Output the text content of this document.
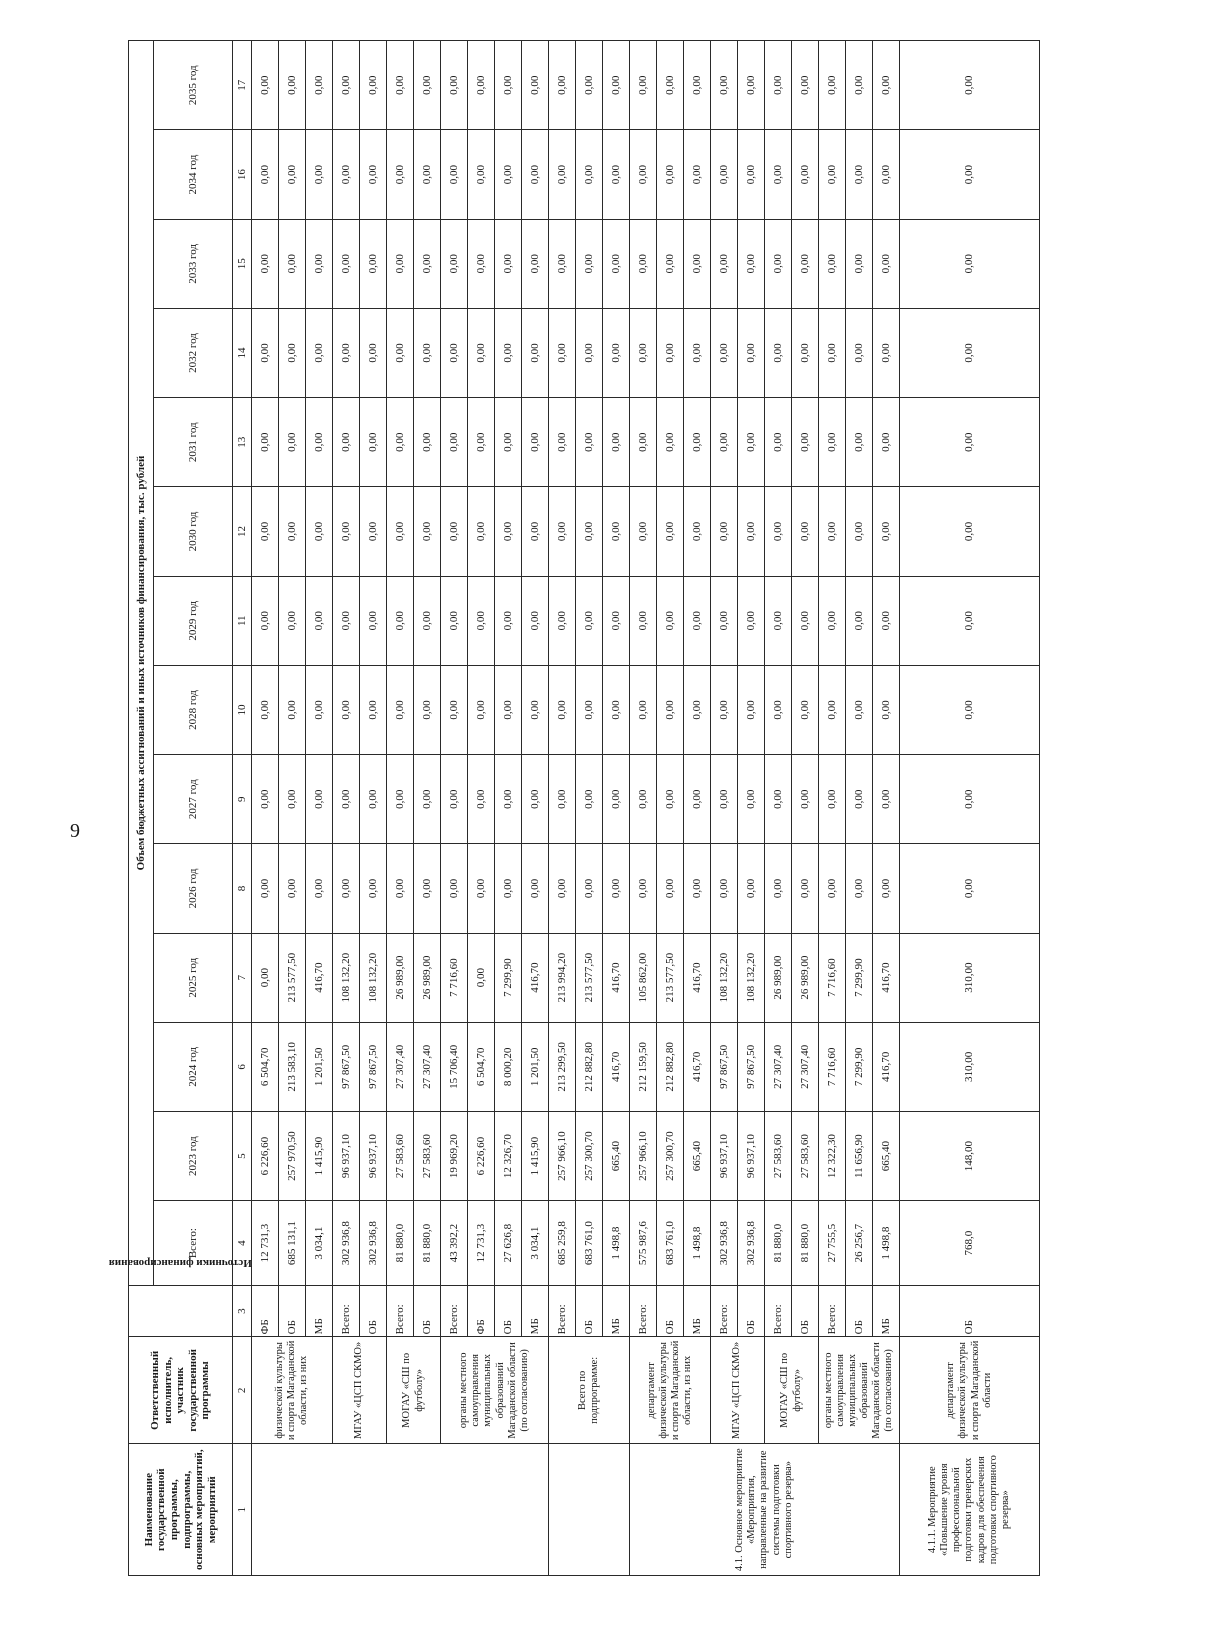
9
Наименование государственной программы, подпрограммы, основных мероприятий, мероприятий	Ответственный исполнитель, участник государственной программы	Источники финансирования	Объем бюджетных ассигнований и иных источников финансирования, тыс. рублей													
			Всего:	2023 год	2024 год	2025 год	2026 год	2027 год	2028 год	2029 год	2030 год	2031 год	2032 год	2033 год	2034 год	2035 год
1	2	3	4	5	6	7	8	9	10	11	12	13	14	15	16	17
	физической культуры и спорта Магаданской области, из них	ФБ	12 731,3	6 226,60	6 504,70	0,00	0,00	0,00	0,00	0,00	0,00	0,00	0,00	0,00	0,00	0,00
		ОБ	685 131,1	257 970,50	213 583,10	213 577,50	0,00	0,00	0,00	0,00	0,00	0,00	0,00	0,00	0,00	0,00
		МБ	3 034,1	1 415,90	1 201,50	416,70	0,00	0,00	0,00	0,00	0,00	0,00	0,00	0,00	0,00	0,00
	МГАУ «ЦСП СКМО»	Всего:	302 936,8	96 937,10	97 867,50	108 132,20	0,00	0,00	0,00	0,00	0,00	0,00	0,00	0,00	0,00	0,00
		ОБ	302 936,8	96 937,10	97 867,50	108 132,20	0,00	0,00	0,00	0,00	0,00	0,00	0,00	0,00	0,00	0,00
	МОГАУ «СШ по футболу»	Всего:	81 880,0	27 583,60	27 307,40	26 989,00	0,00	0,00	0,00	0,00	0,00	0,00	0,00	0,00	0,00	0,00
		ОБ	81 880,0	27 583,60	27 307,40	26 989,00	0,00	0,00	0,00	0,00	0,00	0,00	0,00	0,00	0,00	0,00
	органы местного самоуправления муниципальных образований Магаданской области (по согласованию)	Всего:	43 392,2	19 969,20	15 706,40	7 716,60	0,00	0,00	0,00	0,00	0,00	0,00	0,00	0,00	0,00	0,00
		ФБ	12 731,3	6 226,60	6 504,70	0,00	0,00	0,00	0,00	0,00	0,00	0,00	0,00	0,00	0,00	0,00
		ОБ	27 626,8	12 326,70	8 000,20	7 299,90	0,00	0,00	0,00	0,00	0,00	0,00	0,00	0,00	0,00	0,00
		МБ	3 034,1	1 415,90	1 201,50	416,70	0,00	0,00	0,00	0,00	0,00	0,00	0,00	0,00	0,00	0,00
	Всего по подпрограмме:	Всего:	685 259,8	257 966,10	213 299,50	213 994,20	0,00	0,00	0,00	0,00	0,00	0,00	0,00	0,00	0,00	0,00
		ОБ	683 761,0	257 300,70	212 882,80	213 577,50	0,00	0,00	0,00	0,00	0,00	0,00	0,00	0,00	0,00	0,00
		МБ	1 498,8	665,40	416,70	416,70	0,00	0,00	0,00	0,00	0,00	0,00	0,00	0,00	0,00	0,00
4.1. Основное мероприятие «Мероприятия, направленные на развитие системы подготовки спортивного резерва»	департамент физической культуры и спорта Магаданской области, из них	Всего:	575 987,6	257 966,10	212 159,50	105 862,00	0,00	0,00	0,00	0,00	0,00	0,00	0,00	0,00	0,00	0,00
		ОБ	683 761,0	257 300,70	212 882,80	213 577,50	0,00	0,00	0,00	0,00	0,00	0,00	0,00	0,00	0,00	0,00
		МБ	1 498,8	665,40	416,70	416,70	0,00	0,00	0,00	0,00	0,00	0,00	0,00	0,00	0,00	0,00
	МГАУ «ЦСП СКМО»	Всего:	302 936,8	96 937,10	97 867,50	108 132,20	0,00	0,00	0,00	0,00	0,00	0,00	0,00	0,00	0,00	0,00
		ОБ	302 936,8	96 937,10	97 867,50	108 132,20	0,00	0,00	0,00	0,00	0,00	0,00	0,00	0,00	0,00	0,00
	МОГАУ «СШ по футболу»	Всего:	81 880,0	27 583,60	27 307,40	26 989,00	0,00	0,00	0,00	0,00	0,00	0,00	0,00	0,00	0,00	0,00
		ОБ	81 880,0	27 583,60	27 307,40	26 989,00	0,00	0,00	0,00	0,00	0,00	0,00	0,00	0,00	0,00	0,00
	органы местного самоуправления муниципальных образований Магаданской области (по согласованию)	Всего:	27 755,5	12 322,30	7 716,60	7 716,60	0,00	0,00	0,00	0,00	0,00	0,00	0,00	0,00	0,00	0,00
		ОБ	26 256,7	11 656,90	7 299,90	7 299,90	0,00	0,00	0,00	0,00	0,00	0,00	0,00	0,00	0,00	0,00
		МБ	1 498,8	665,40	416,70	416,70	0,00	0,00	0,00	0,00	0,00	0,00	0,00	0,00	0,00	0,00
4.1.1. Мероприятие «Повышение уровня профессиональной подготовки тренерских кадров для обеспечения подготовки спортивного резерва»	департамент физической культуры и спорта Магаданской области	ОБ	768,0	148,00	310,00	310,00	0,00	0,00	0,00	0,00	0,00	0,00	0,00	0,00	0,00	0,00
